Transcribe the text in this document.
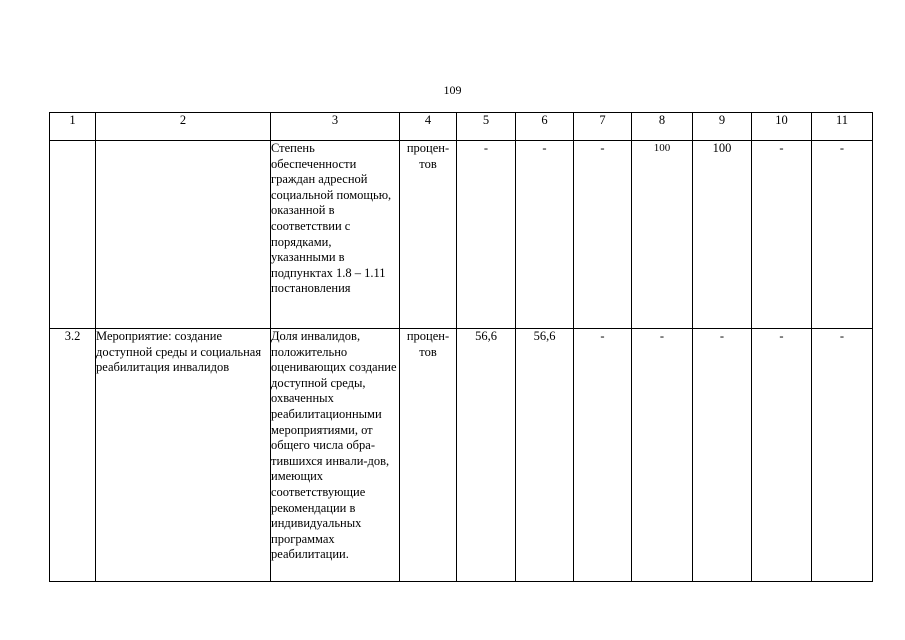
109
1	2	3	4	5	6	7	8	9	10	11
		Степень обеспеченности граждан адресной социальной помощью, оказанной в соответствии с порядками, указанными в подпунктах 1.8 – 1.11 постановления	процен-тов	-	-	-	100	100	-	-
3.2	Мероприятие: создание доступной среды и социальная реабилитация инвалидов	Доля инвалидов, положительно оценивающих создание доступной среды, охваченных реабилитационными мероприятиями, от общего числа обра-тившихся инвали-дов, имеющих соответствующие рекомендации в индивидуальных программах реабилитации.	процен-тов	56,6	56,6	-	-	-	-	-
